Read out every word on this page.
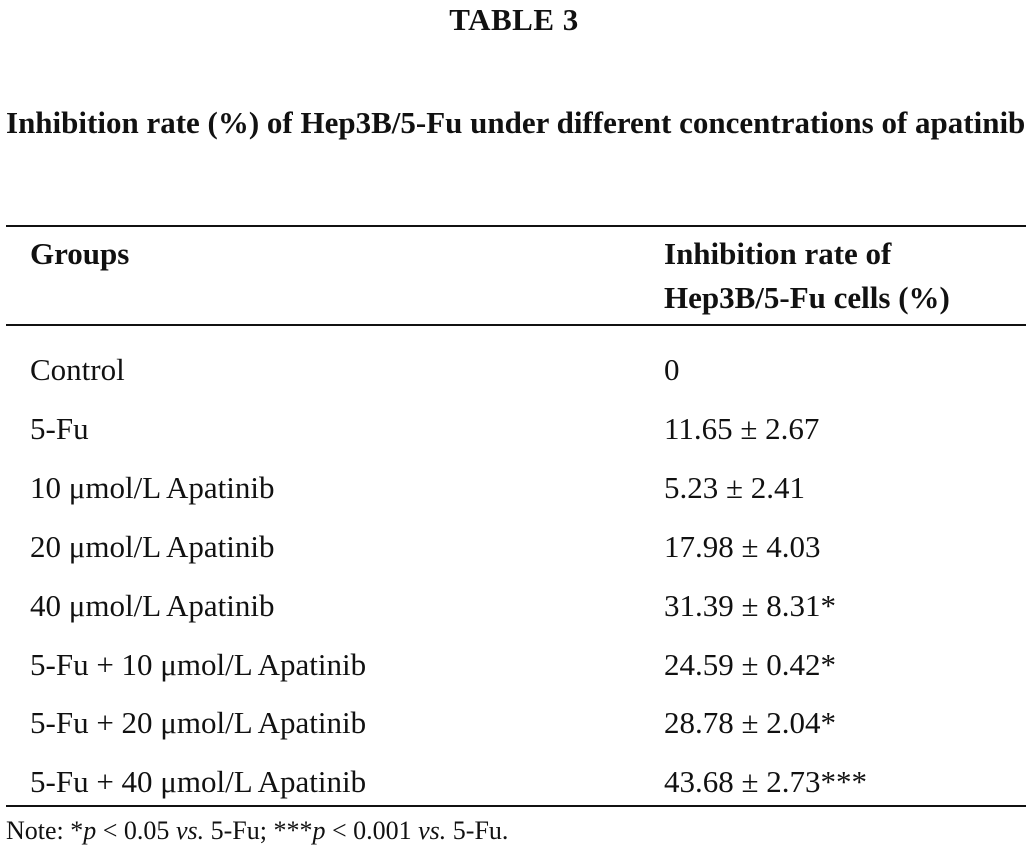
TABLE 3
Inhibition rate (%) of Hep3B/5-Fu under different concentrations of apatinib
Groups	Inhibition rate of
Hep3B/5-Fu cells (%)
Control	0
5-Fu	11.65 ± 2.67
10 μmol/L Apatinib	5.23 ± 2.41
20 μmol/L Apatinib	17.98 ± 4.03
40 μmol/L Apatinib	31.39 ± 8.31*
5-Fu + 10 μmol/L Apatinib	24.59 ± 0.42*
5-Fu + 20 μmol/L Apatinib	28.78 ± 2.04*
5-Fu + 40 μmol/L Apatinib	43.68 ± 2.73***
Note: *p < 0.05 vs. 5-Fu; ***p < 0.001 vs. 5-Fu.
